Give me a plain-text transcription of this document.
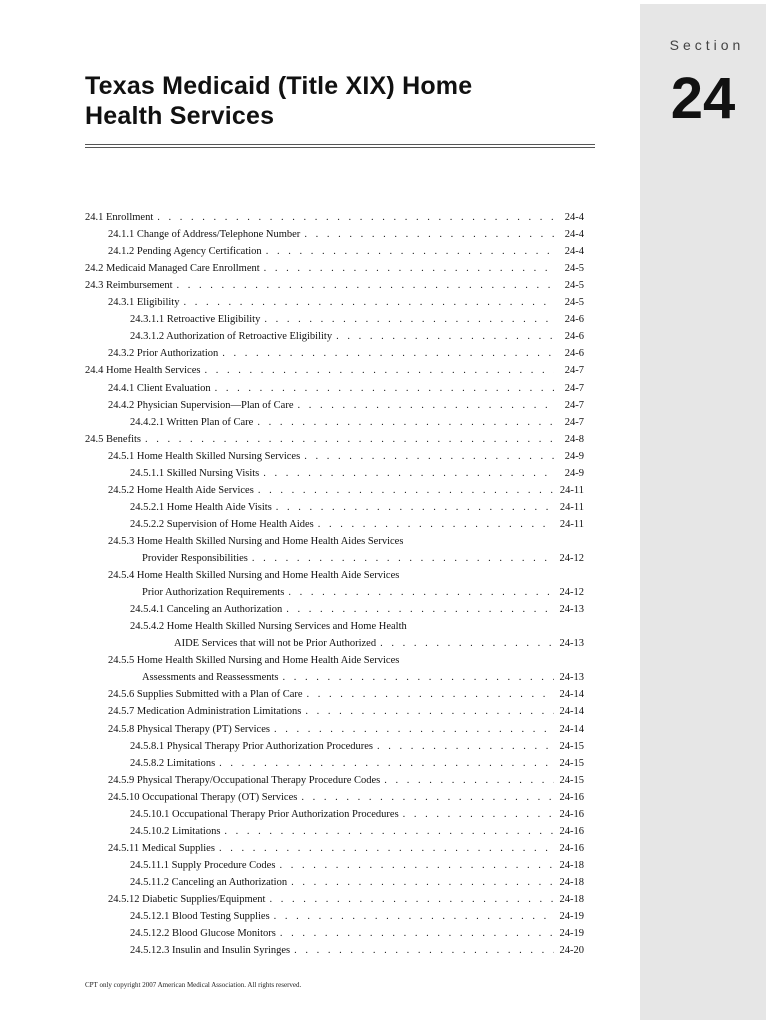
Section
24
Texas Medicaid (Title XIX) Home
Health Services
24.1 Enrollment . . .	24-4
24.1.1 Change of Address/Telephone Number . . .	24-4
24.1.2 Pending Agency Certification . . .	24-4
24.2 Medicaid Managed Care Enrollment . . .	24-5
24.3 Reimbursement . . .	24-5
24.3.1 Eligibility . . .	24-5
24.3.1.1 Retroactive Eligibility . . .	24-6
24.3.1.2 Authorization of Retroactive Eligibility . . .	24-6
24.3.2 Prior Authorization . . .	24-6
24.4 Home Health Services . . .	24-7
24.4.1 Client Evaluation . . .	24-7
24.4.2 Physician Supervision—Plan of Care . . .	24-7
24.4.2.1 Written Plan of Care . . .	24-7
24.5 Benefits . . .	24-8
24.5.1 Home Health Skilled Nursing Services . . .	24-9
24.5.1.1 Skilled Nursing Visits . . .	24-9
24.5.2 Home Health Aide Services . . .	24-11
24.5.2.1 Home Health Aide Visits . . .	24-11
24.5.2.2 Supervision of Home Health Aides . . .	24-11
24.5.3 Home Health Skilled Nursing and Home Health Aides Services
Provider Responsibilities . . .	24-12
24.5.4 Home Health Skilled Nursing and Home Health Aide Services
Prior Authorization Requirements . . .	24-12
24.5.4.1 Canceling an Authorization . . .	24-13
24.5.4.2 Home Health Skilled Nursing Services and Home Health
AIDE Services that will not be Prior Authorized . . .	24-13
24.5.5 Home Health Skilled Nursing and Home Health Aide Services
Assessments and Reassessments . . .	24-13
24.5.6 Supplies Submitted with a Plan of Care . . .	24-14
24.5.7 Medication Administration Limitations . . .	24-14
24.5.8 Physical Therapy (PT) Services . . .	24-14
24.5.8.1 Physical Therapy Prior Authorization Procedures . . .	24-15
24.5.8.2 Limitations . . .	24-15
24.5.9 Physical Therapy/Occupational Therapy Procedure Codes . . .	24-15
24.5.10 Occupational Therapy (OT) Services . . .	24-16
24.5.10.1 Occupational Therapy Prior Authorization Procedures . . .	24-16
24.5.10.2 Limitations . . .	24-16
24.5.11 Medical Supplies . . .	24-16
24.5.11.1 Supply Procedure Codes . . .	24-18
24.5.11.2 Canceling an Authorization . . .	24-18
24.5.12 Diabetic Supplies/Equipment . . .	24-18
24.5.12.1 Blood Testing Supplies . . .	24-19
24.5.12.2 Blood Glucose Monitors . . .	24-19
24.5.12.3 Insulin and Insulin Syringes . . .	24-20
CPT only copyright 2007 American Medical Association. All rights reserved.
